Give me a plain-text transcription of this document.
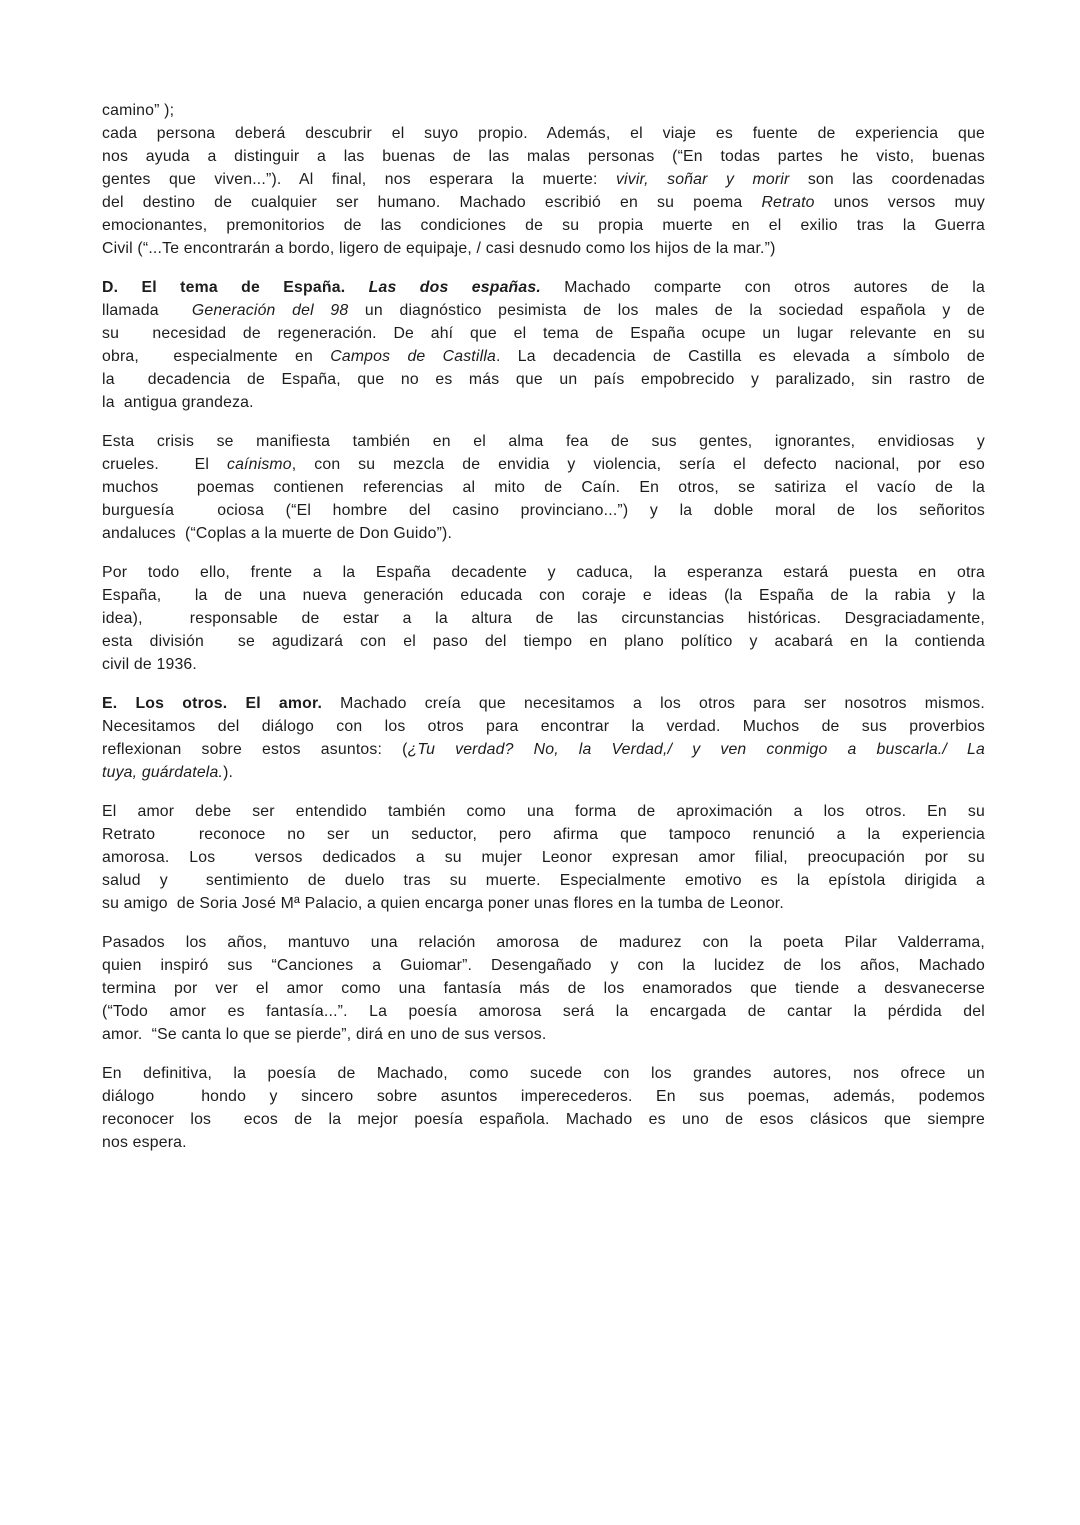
camino” );
cada persona deberá descubrir el suyo propio. Además, el viaje es fuente de experiencia que
nos ayuda a distinguir a las buenas de las malas personas (“En todas partes he visto, buenas
gentes que viven...”). Al final, nos esperara la muerte: vivir, soñar y morir son las coordenadas
del destino de cualquier ser humano. Machado escribió en su poema Retrato unos versos muy
emocionantes, premonitorios de las condiciones de su propia muerte en el exilio tras la Guerra
Civil (“...Te encontrarán a bordo, ligero de equipaje, / casi desnudo como los hijos de la mar.”)
D. El tema de España. Las dos españas. Machado comparte con otros autores de la
llamada  Generación del 98 un diagnóstico pesimista de los males de la sociedad española y de
su  necesidad de regeneración. De ahí que el tema de España ocupe un lugar relevante en su
obra,  especialmente en Campos de Castilla. La decadencia de Castilla es elevada a símbolo de
la  decadencia de España, que no es más que un país empobrecido y paralizado, sin rastro de
la  antigua grandeza.
Esta crisis se manifiesta también en el alma fea de sus gentes, ignorantes, envidiosas y
crueles.  El caínismo, con su mezcla de envidia y violencia, sería el defecto nacional, por eso
muchos  poemas contienen referencias al mito de Caín. En otros, se satiriza el vacío de la
burguesía  ociosa (“El hombre del casino provinciano...”) y la doble moral de los señoritos
andaluces  (“Coplas a la muerte de Don Guido”).
Por todo ello, frente a la España decadente y caduca, la esperanza estará puesta en otra
España,  la de una nueva generación educada con coraje e ideas (la España de la rabia y la
idea),  responsable de estar a la altura de las circunstancias históricas. Desgraciadamente,
esta división  se agudizará con el paso del tiempo en plano político y acabará en la contienda
civil de 1936.
E. Los otros. El amor. Machado creía que necesitamos a los otros para ser nosotros mismos.
Necesitamos del diálogo con los otros para encontrar la verdad. Muchos de sus proverbios
reflexionan sobre estos asuntos: (¿Tu verdad? No, la Verdad,/ y ven conmigo a buscarla./ La
tuya, guárdatela.).
El amor debe ser entendido también como una forma de aproximación a los otros. En su
Retrato  reconoce no ser un seductor, pero afirma que tampoco renunció a la experiencia
amorosa. Los  versos dedicados a su mujer Leonor expresan amor filial, preocupación por su
salud y  sentimiento de duelo tras su muerte. Especialmente emotivo es la epístola dirigida a
su amigo  de Soria José Mª Palacio, a quien encarga poner unas flores en la tumba de Leonor.
Pasados los años, mantuvo una relación amorosa de madurez con la poeta Pilar Valderrama,
quien inspiró sus “Canciones a Guiomar”. Desengañado y con la lucidez de los años, Machado
termina por ver el amor como una fantasía más de los enamorados que tiende a desvanecerse
(“Todo amor es fantasía...”. La poesía amorosa será la encargada de cantar la pérdida del
amor.  “Se canta lo que se pierde”, dirá en uno de sus versos.
En definitiva, la poesía de Machado, como sucede con los grandes autores, nos ofrece un
diálogo  hondo y sincero sobre asuntos imperecederos. En sus poemas, además, podemos
reconocer los  ecos de la mejor poesía española. Machado es uno de esos clásicos que siempre
nos espera.
